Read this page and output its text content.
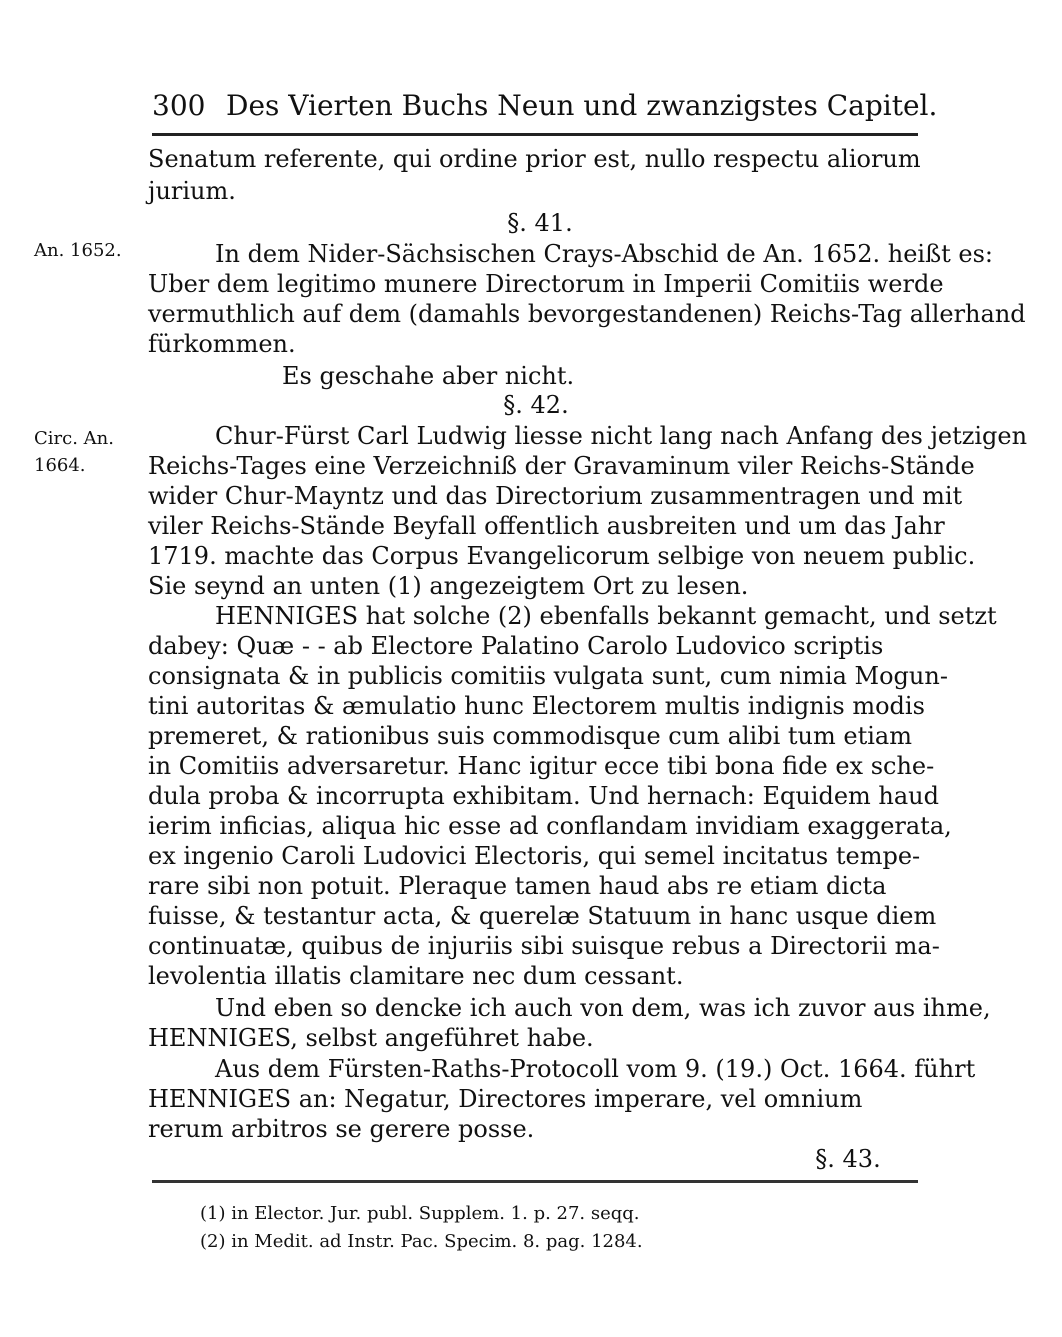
300 Des Vierten Buchs Neun und zwanzigstes Capitel.
An. 1652.
Circ. An.
1664.
Senatum referente, qui ordine prior est, nullo respectu aliorum
jurium.
§. 41.
In dem Nider-Sächsischen Crays-Abschid de An. 1652. heißt es:
Uber dem legitimo munere Directorum in Imperii Comitiis werde
vermuthlich auf dem (damahls bevorgestandenen) Reichs-Tag allerhand
fürkommen.
Es geschahe aber nicht.
§. 42.
Chur-Fürst Carl Ludwig liesse nicht lang nach Anfang des jetzigen
Reichs-Tages eine Verzeichniß der Gravaminum viler Reichs-Stände
wider Chur-Mayntz und das Directorium zusammentragen und mit
viler Reichs-Stände Beyfall offentlich ausbreiten und um das Jahr
1719. machte das Corpus Evangelicorum selbige von neuem public.
Sie seynd an unten (1) angezeigtem Ort zu lesen.
HENNIGES hat solche (2) ebenfalls bekannt gemacht, und setzt
dabey: Quæ - - ab Electore Palatino Carolo Ludovico scriptis
consignata & in publicis comitiis vulgata sunt, cum nimia Mogun-
tini autoritas & æmulatio hunc Electorem multis indignis modis
premeret, & rationibus suis commodisque cum alibi tum etiam
in Comitiis adversaretur. Hanc igitur ecce tibi bona fide ex sche-
dula proba & incorrupta exhibitam. Und hernach: Equidem haud
ierim inficias, aliqua hic esse ad conflandam invidiam exaggerata,
ex ingenio Caroli Ludovici Electoris, qui semel incitatus tempe-
rare sibi non potuit. Pleraque tamen haud abs re etiam dicta
fuisse, & testantur acta, & querelæ Statuum in hanc usque diem
continuatæ, quibus de injuriis sibi suisque rebus a Directorii ma-
levolentia illatis clamitare nec dum cessant.
Und eben so dencke ich auch von dem, was ich zuvor aus ihme,
HENNIGES, selbst angeführet habe.
Aus dem Fürsten-Raths-Protocoll vom 9. (19.) Oct. 1664. führt
HENNIGES an: Negatur, Directores imperare, vel omnium
rerum arbitros se gerere posse.
§. 43.
(1) in Elector. Jur. publ. Supplem. 1. p. 27. seqq.
(2) in Medit. ad Instr. Pac. Specim. 8. pag. 1284.
